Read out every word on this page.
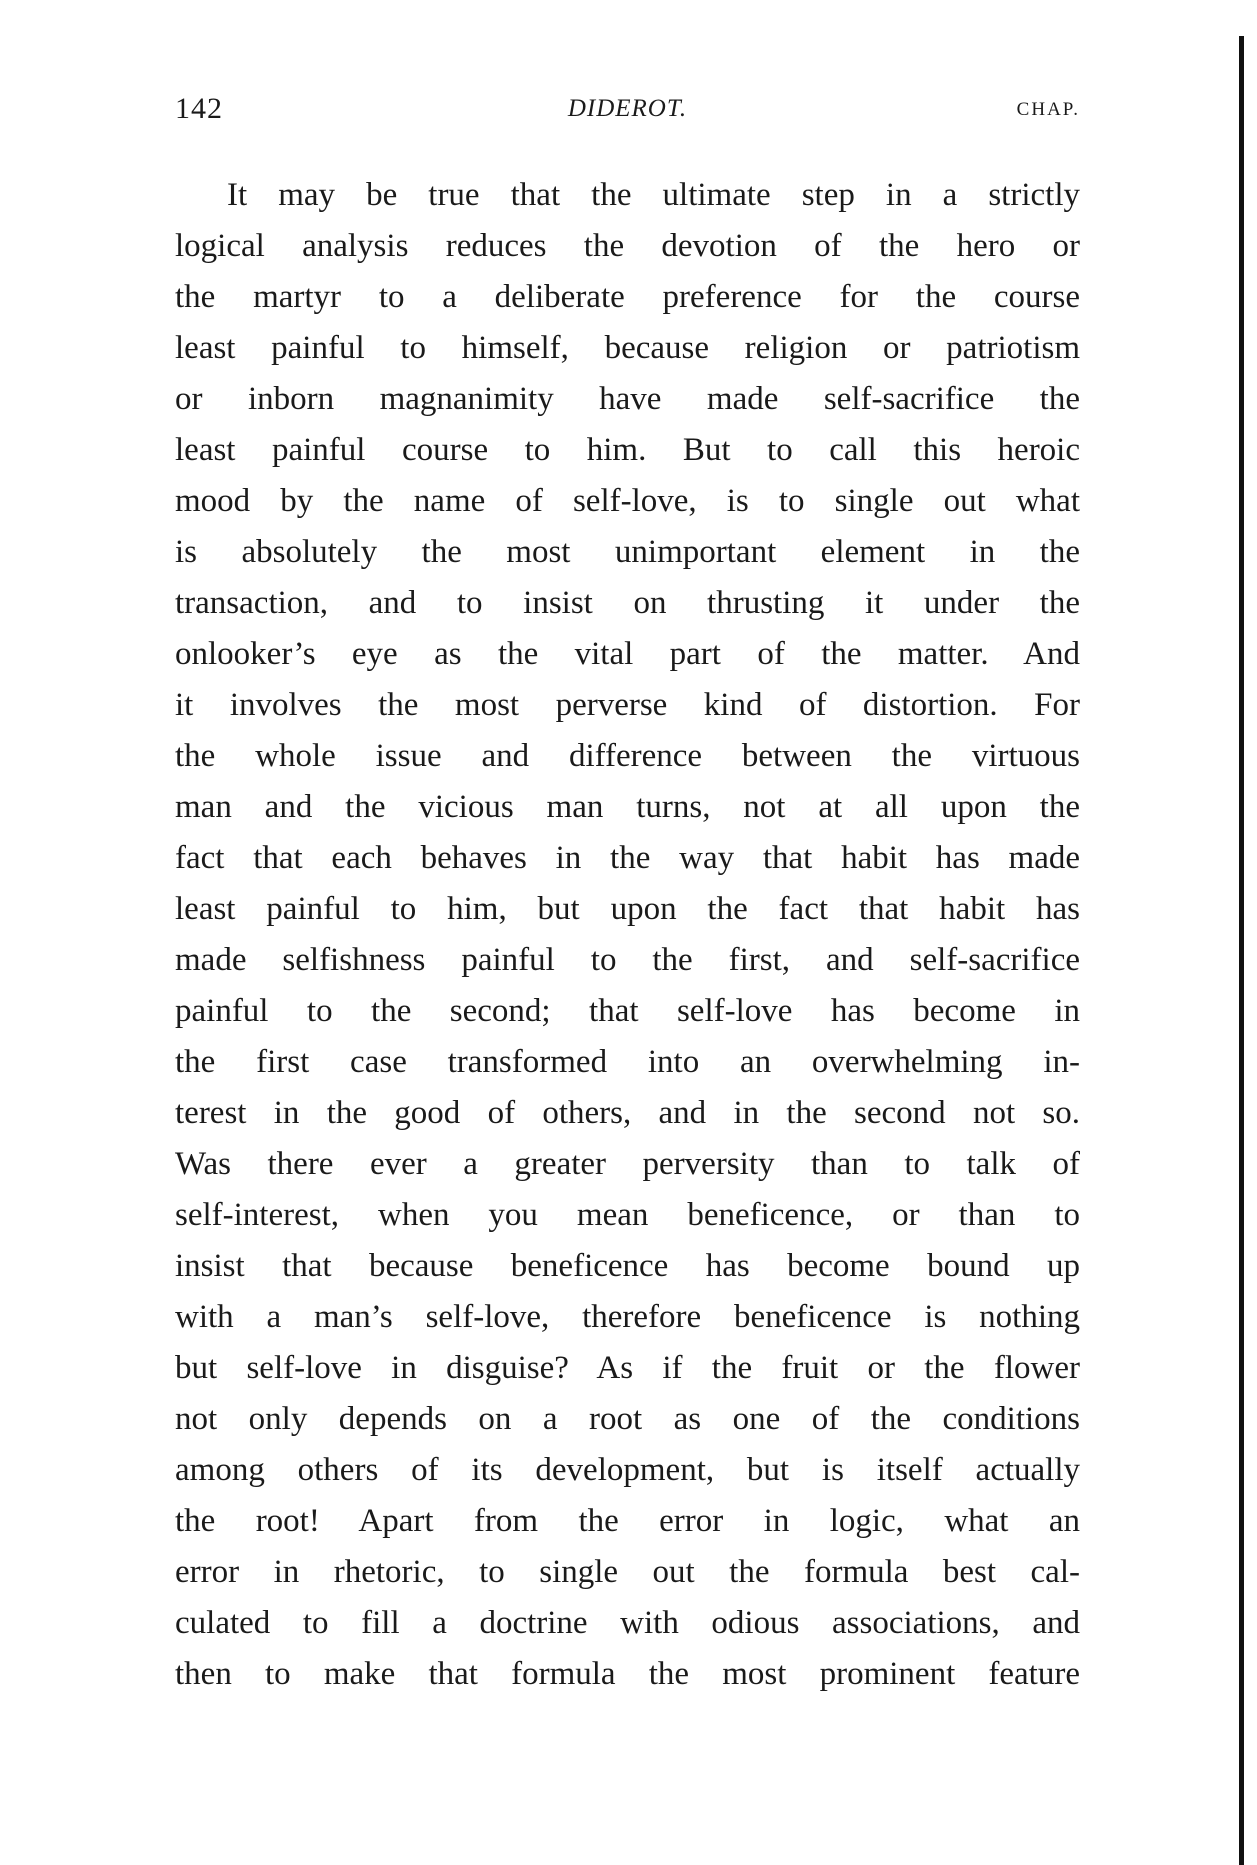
142	DIDEROT.	CHAP.
It may be true that the ultimate step in a strictly
logical analysis reduces the devotion of the hero or
the martyr to a deliberate preference for the course
least painful to himself, because religion or patriotism
or inborn magnanimity have made self-sacrifice the
least painful course to him. But to call this heroic
mood by the name of self-love, is to single out what
is absolutely the most unimportant element in the
transaction, and to insist on thrusting it under the
onlooker’s eye as the vital part of the matter. And
it involves the most perverse kind of distortion. For
the whole issue and difference between the virtuous
man and the vicious man turns, not at all upon the
fact that each behaves in the way that habit has made
least painful to him, but upon the fact that habit has
made selfishness painful to the first, and self-sacrifice
painful to the second; that self-love has become in
the first case transformed into an overwhelming in-
terest in the good of others, and in the second not so.
Was there ever a greater perversity than to talk of
self-interest, when you mean beneficence, or than to
insist that because beneficence has become bound up
with a man’s self-love, therefore beneficence is nothing
but self-love in disguise? As if the fruit or the flower
not only depends on a root as one of the conditions
among others of its development, but is itself actually
the root! Apart from the error in logic, what an
error in rhetoric, to single out the formula best cal-
culated to fill a doctrine with odious associations, and
then to make that formula the most prominent feature
